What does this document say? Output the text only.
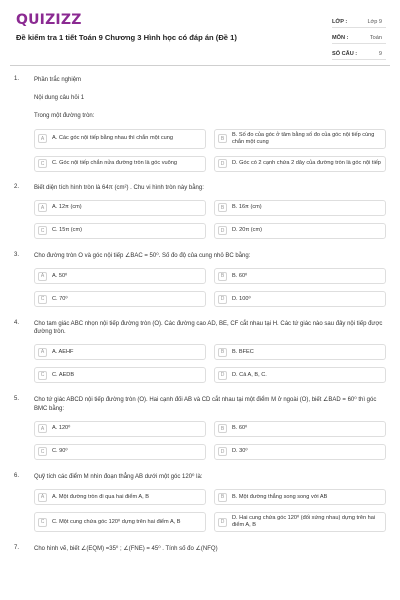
QUIZIZZ
Đề kiểm tra 1 tiết Toán 9 Chương 3 Hình học có đáp án (Đề 1)
LỚP :	Lớp 9
MÔN :	Toán
SỐ CÂU :	9
1. Phần trắc nghiệm
Nội dung câu hỏi 1
Trong một đường tròn:
A	A. Các góc nội tiếp bằng nhau thì chắn một cung	B
B. Số đo của góc ở tâm bằng số đo của góc nội tiếp cùng chắn một cung
C	C. Góc nội tiếp chắn nửa đường tròn là góc vuông	D	D. Góc có 2 cạnh chứa 2 dây của đường tròn là góc nội tiếp
2. Biết diện tích hình tròn là 64π (cm²) . Chu vi hình tròn này bằng:
A	A. 12π (cm)	B	B. 16π (cm)
C	C. 15π (cm)	D	D. 20π (cm)
3. Cho đường tròn O và góc nội tiếp ∠BAC = 50⁰. Số đo độ của cung nhỏ BC bằng:
A	A. 50⁰	B	B. 60⁰
C	C. 70⁰	D	D. 100⁰
4. Cho tam giác ABC nhọn nội tiếp đường tròn (O). Các đường cao AD, BE, CF cắt nhau tại H. Các tứ giác nào sau đây nội tiếp được đường tròn.
A	A. AEHF	B	B. BFEC
C	C. AEDB	D	D. Cả A, B, C.
5. Cho tứ giác ABCD nội tiếp đường tròn (O). Hai cạnh đối AB và CD cắt nhau tại một điểm M ở ngoài (O), biết ∠BAD = 60⁰ thì góc BMC bằng:
A	A. 120⁰	B	B. 60⁰
C	C. 90⁰	D	D. 30⁰
6. Quỹ tích các điểm M nhìn đoạn thẳng AB dưới một góc 120⁰ là:
A	A. Một đường tròn đi qua hai điểm A, B	B	B. Một đường thẳng song song với AB
C	C. Một cung chứa góc 120⁰ dựng trên hai điểm A, B	D
D. Hai cung chứa góc 120⁰ (đối xứng nhau) dựng trên hai điểm A, B
7. Cho hình vẽ, biết ∠(EQM) =35⁰ ; ∠(FNE) = 45⁰ . Tính số đo ∠(NFQ)
